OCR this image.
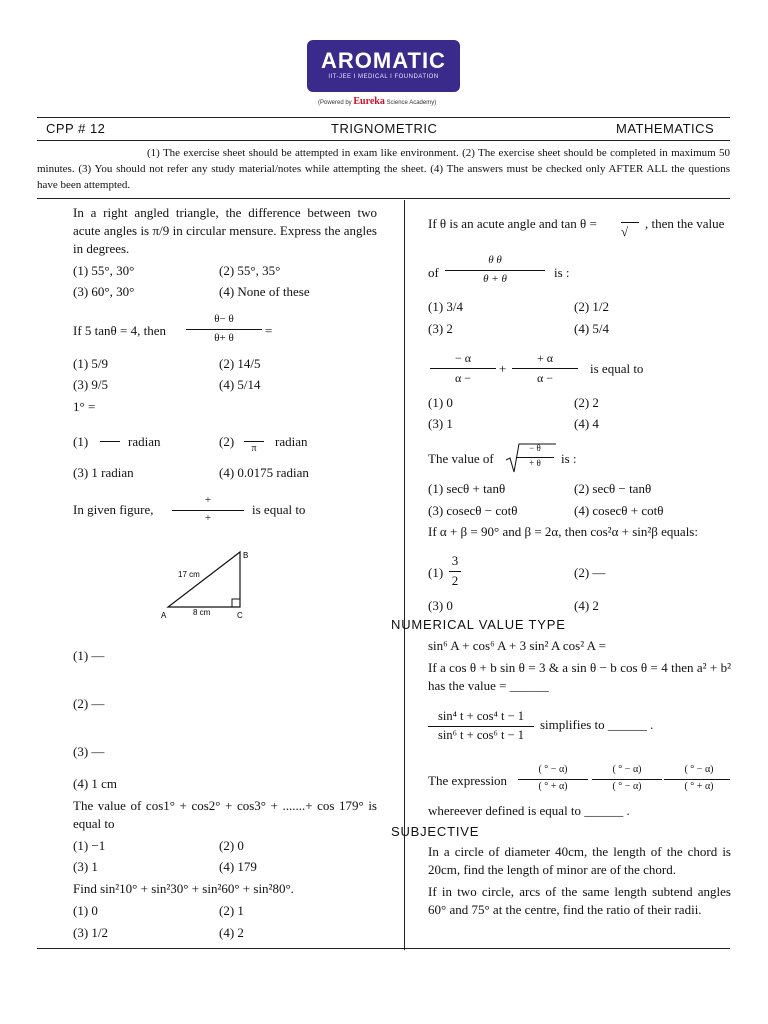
AROMATIC
IIT-JEE I MEDICAL I FOUNDATION
(Powered by Eureka Science Academy)
CPP # 12	TRIGNOMETRIC	MATHEMATICS
(1) The exercise sheet should be attempted in exam like environment. (2) The exercise sheet should be completed in maximum 50 minutes. (3) You should not refer any study material/notes while attempting the sheet. (4) The answers must be checked only AFTER ALL the questions have been attempted.
In a right angled triangle, the difference between two acute angles is π/9 in circular mensure. Express the angles in degrees.
(1) 55°, 30°	(2) 55°, 35°
(3) 60°, 30°	(4) None of these
If 5 tanθ = 4, then
θ− θ
θ+ θ	=
(1) 5/9	(2) 14/5
(3) 9/5	(4) 5/14
1° =
(1)	radian	(2)	π	radian
(3) 1 radian	(4) 0.0175 radian
In given figure,
+
+
is equal to
B
A	C
17 cm
8 cm
(1) —
(2) —
(3) —
(4) 1 cm
The value of cos1° + cos2° + cos3° + .......+ cos 179° is equal to
(1) −1	(2) 0
(3) 1	(4) 179
Find sin²10° + sin²30° + sin²60° + sin²80°.
(1) 0	(2) 1
(3) 1/2	(4) 2
If θ is an acute angle and tan θ =
√
, then the value
of
θ θ
θ + θ	is :
(1) 3/4	(2) 1/2
(3) 2	(4) 5/4
− α
α −
+
+ α
α −
is equal to
(1) 0	(2) 2
(3) 1	(4) 4
The value of
− θ
+ θ	is :
(1) secθ + tanθ	(2) secθ − tanθ
(3) cosecθ − cotθ	(4) cosecθ + cotθ
If α + β = 90° and β = 2α, then cos²α + sin²β equals:
(1)
3
2
(2) —
(3) 0	(4) 2
NUMERICAL VALUE TYPE
sin⁶ A + cos⁶ A + 3 sin² A cos² A =
If a cos θ + b sin θ = 3 & a sin θ − b cos θ = 4 then a² + b² has the value = ______
sin⁴ t + cos⁴ t − 1
sin⁶ t + cos⁶ t − 1
simplifies to ______ .
The expression
( ° − α)
( ° + α)
( ° − α)
( ° − α)
( ° − α)
( ° + α)
whereever defined is equal to ______ .
SUBJECTIVE
In a circle of diameter 40cm, the length of the chord is 20cm, find the length of minor are of the chord.
If in two circle, arcs of the same length subtend angles 60° and 75° at the centre, find the ratio of their radii.
